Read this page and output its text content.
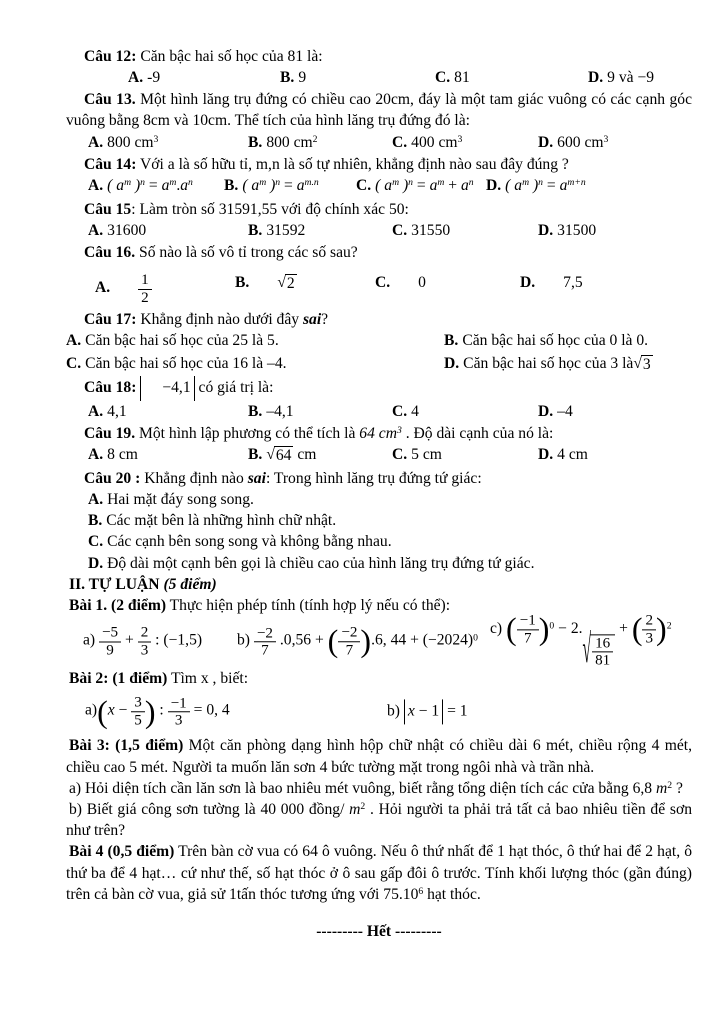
Câu 12: Căn bậc hai số học của 81 là:

A. -9	B. 9	C. 81	D. 9 và −9

Câu 13. Một hình lăng trụ đứng có chiều cao 20cm, đáy là một tam giác vuông có các cạnh góc vuông bằng 8cm và 10cm. Thể tích của hình lăng trụ đứng đó là:

A. 800 $cm^3$	B. 800 $cm^2$	C. 400 $cm^3$	D. 600 $cm^3$

Câu 14: Với a là số hữu tỉ, m,n là số tự nhiên, khẳng định nào sau đây đúng ?

A. ( $a^m$ )$^n = a^m.a^n$ B. ( $a^m$ )$^n = a^{m.n}$ C. ( $a^m$ )$^n = a^m + a^n$ D. ( $a^m$ )$^n = a^{m+n}$

Câu 15: Làm tròn số 31591,55 với độ chính xác 50:

A. 31600	B. 31592	C. 31550	D. 31500

Câu 16. Số nào là số vô tỉ trong các số sau?

A. $\frac{1}{2}$	B. √ 2	C. 0	D. 7,5

Câu 17: Khẳng định nào dưới đây sai?

A. Căn bậc hai số học của 25 là 5.	B. Căn bậc hai số học của 0 là 0.
C. Căn bậc hai số học của 16 là –4.	D. Căn bậc hai số học của 3 là √ 3

Câu 18: −4,1 có giá trị là:

A. 4,1	B. –4,1	C. 4	D. –4

Câu 19. Một hình lập phương có thể tích là 64 $cm^3$ . Độ dài cạnh của nó là:

A. 8 cm	B. √ 64 cm	C. 5 cm	D. 4 cm

Câu 20 : Khẳng định nào sai: Trong hình lăng trụ đứng tứ giác:

A. Hai mặt đáy song song.

B. Các mặt bên là những hình chữ nhật.

C. Các cạnh bên song song và không bằng nhau.

D. Độ dài một cạnh bên gọi là chiều cao của hình lăng trụ đứng tứ giác.

II. TỰ LUẬN (5 điểm)

Bài 1. (2 điểm) Thực hiện phép tính (tính hợp lý nếu có thể):

$a) \frac{-5}{9} + \frac{2}{3}$ : (−1,5) $b) \frac{-2}{7} .0,56$ + ( $\frac{-2}{7}$ ) .6, $44 + (-2024)^0$
c) ( $\frac{-1}{7}$ ) $^0$ − 2. √ $\frac{16}{81}$
+ ( $\frac{2}{3}$ ) $^2$

Bài 2: (1 điểm) Tìm x , biết:

a) ( $x - \frac{3}{5}$ ) : $\frac{-1}{3} = 0$, 4	b) x − 1 = 1

Bài 3: (1,5 điểm) Một căn phòng dạng hình hộp chữ nhật có chiều dài 6 mét, chiều rộng 4 mét, chiều cao 5 mét. Người ta muốn lăn sơn 4 bức tường mặt trong ngôi nhà và trần nhà.

a) Hỏi diện tích cần lăn sơn là bao nhiêu mét vuông, biết rằng tổng diện tích các cửa bằng 6,8 $m^2$ ?

b) Biết giá công sơn tường là 40 000 đồng/ $m^2$ . Hỏi người ta phải trả tất cả bao nhiêu tiền để sơn như trên?

Bài 4 (0,5 điểm) Trên bàn cờ vua có 64 ô vuông. Nếu ô thứ nhất để 1 hạt thóc, ô thứ hai để 2 hạt, ô thứ ba để 4 hạt… cứ như thế, số hạt thóc ở ô sau gấp đôi ô trước. Tính khối lượng thóc (gần đúng) trên cả bàn cờ vua, giả sử 1tấn thóc tương ứng với 75.10$^6$ hạt thóc.

--------- Hết ---------
